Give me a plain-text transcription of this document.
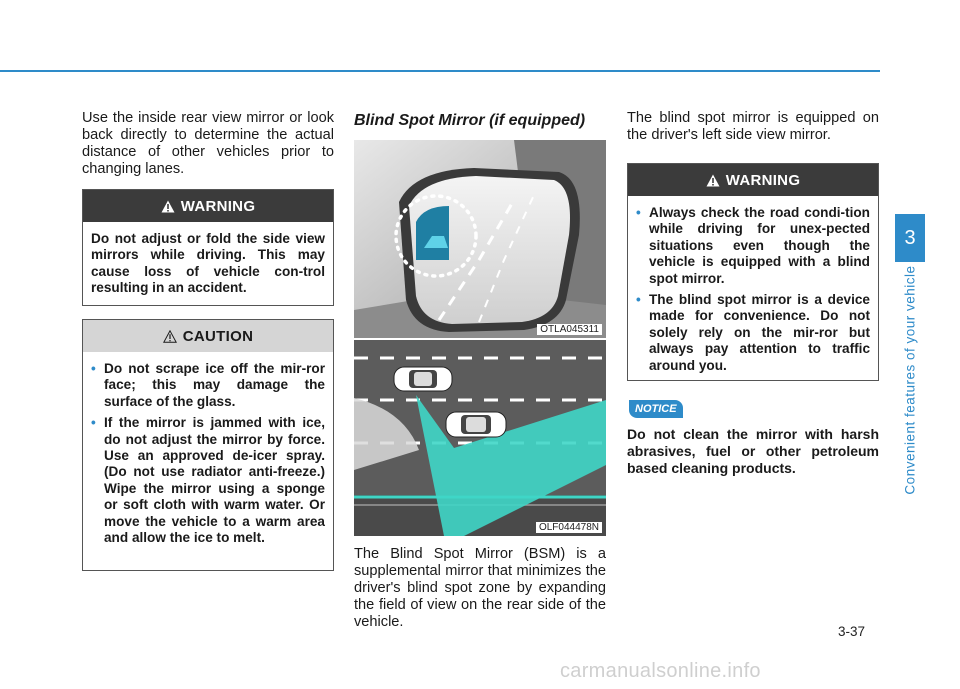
Use the inside rear view mirror or look back directly to determine the actual distance of other vehicles prior to changing lanes.

WARNING
Do not adjust or fold the side view mirrors while driving. This may cause loss of vehicle con-trol resulting in an accident.
CAUTION
• Do not scrape ice off the mir-ror face; this may damage the surface of the glass.
• If the mirror is jammed with ice, do not adjust the mirror by force. Use an approved de-icer spray. (Do not use radiator anti-freeze.) Wipe the mirror using a sponge or soft cloth with warm water. Or move the vehicle to a warm area and allow the ice to melt.
Blind Spot Mirror (if equipped)
OTLA045311
OLF044478N

The Blind Spot Mirror (BSM) is a supplemental mirror that minimizes the driver's blind spot zone by expanding the field of view on the rear side of the vehicle.

The blind spot mirror is equipped on the driver's left side view mirror.

WARNING
• Always check the road condi-tion while driving for unex-pected situations even though the vehicle is equipped with a blind spot mirror.
• The blind spot mirror is a device made for convenience. Do not solely rely on the mir-ror but always pay attention to traffic around you.
NOTICE

Do not clean the mirror with harsh abrasives, fuel or other petroleum based cleaning products.

3
Convenient features of your vehicle
3-37
carmanualsonline.info
